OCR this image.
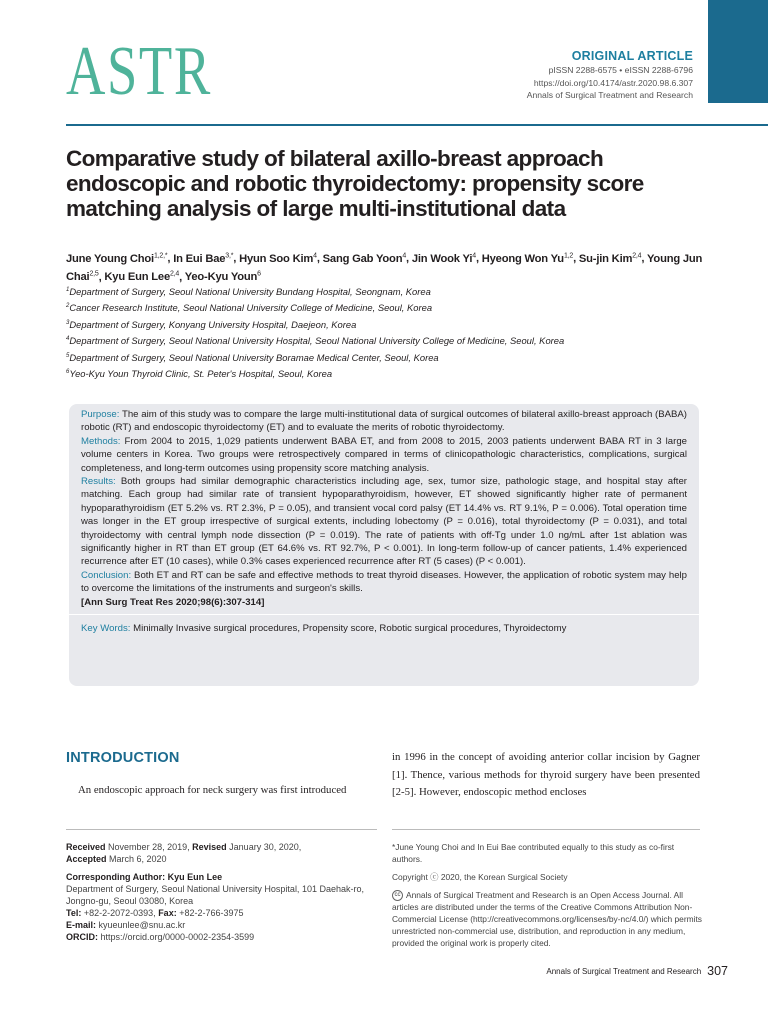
ASTR	ORIGINAL ARTICLE
pISSN 2288-6575 • eISSN 2288-6796
https://doi.org/10.4174/astr.2020.98.6.307
Annals of Surgical Treatment and Research
Comparative study of bilateral axillo-breast approach endoscopic and robotic thyroidectomy: propensity score matching analysis of large multi-institutional data
June Young Choi$^{1,2,*}$, In Eui Bae$^{3,*}$, Hyun Soo Kim$^4$, Sang Gab Yoon$^4$, Jin Wook Yi$^4$, Hyeong Won Yu$^{1,2}$, Su-jin Kim$^{2,4}$, Young Jun Chai$^{2,5}$, Kyu Eun Lee$^{2,4}$, Yeo-Kyu Youn$^6$
$^1$Department of Surgery, Seoul National University Bundang Hospital, Seongnam, Korea
$^2$Cancer Research Institute, Seoul National University College of Medicine, Seoul, Korea
$^3$Department of Surgery, Konyang University Hospital, Daejeon, Korea
$^4$Department of Surgery, Seoul National University Hospital, Seoul National University College of Medicine, Seoul, Korea
$^5$Department of Surgery, Seoul National University Boramae Medical Center, Seoul, Korea
$^6$Yeo-Kyu Youn Thyroid Clinic, St. Peter's Hospital, Seoul, Korea

Purpose: The aim of this study was to compare the large multi-institutional data of surgical outcomes of bilateral axillo-breast approach (BABA) robotic (RT) and endoscopic thyroidectomy (ET) and to evaluate the merits of robotic thyroidectomy.

Methods: From 2004 to 2015, 1,029 patients underwent BABA ET, and from 2008 to 2015, 2003 patients underwent BABA RT in 3 large volume centers in Korea. Two groups were retrospectively compared in terms of clinicopathologic characteristics, complications, surgical completeness, and long-term outcomes using propensity score matching analysis.

Results: Both groups had similar demographic characteristics including age, sex, tumor size, pathologic stage, and hospital stay after matching. Each group had similar rate of transient hypoparathyroidism, however, ET showed significantly higher rate of permanent hypoparathyroidism (ET 5.2% vs. RT 2.3%, P = 0.05), and transient vocal cord palsy (ET 14.4% vs. RT 9.1%, P = 0.006). Total operation time was longer in the ET group irrespective of surgical extents, including lobectomy (P = 0.016), total thyroidectomy (P = 0.031), and total thyroidectomy with central lymph node dissection (P = 0.019). The rate of patients with off-Tg under 1.0 ng/mL after 1st ablation was significantly higher in RT than ET group (ET 64.6% vs. RT 92.7%, P < 0.001). In long-term follow-up of cancer patients, 1.4% experienced recurrence after ET (10 cases), while 0.3% cases experienced recurrence after RT (5 cases) (P < 0.001).

Conclusion: Both ET and RT can be safe and effective methods to treat thyroid diseases. However, the application of robotic system may help to overcome the limitations of the instruments and surgeon's skills.

[Ann Surg Treat Res 2020;98(6):307-314]

Key Words: Minimally Invasive surgical procedures, Propensity score, Robotic surgical procedures, Thyroidectomy
INTRODUCTION
An endoscopic approach for neck surgery was first introduced
in 1996 in the concept of avoiding anterior collar incision by Gagner [1]. Thence, various methods for thyroid surgery have been presented [2-5]. However, endoscopic method encloses
Received November 28, 2019, Revised January 30, 2020,
Accepted March 6, 2020
Corresponding Author: Kyu Eun Lee
Department of Surgery, Seoul National University Hospital, 101 Daehak-ro, Jongno-gu, Seoul 03080, Korea
Tel: +82-2-2072-0393, Fax: +82-2-766-3975
E-mail: kyueunlee@snu.ac.kr
ORCID: https://orcid.org/0000-0002-2354-3599
*June Young Choi and In Eui Bae contributed equally to this study as co-first authors.
Copyright ⓒ 2020, the Korean Surgical Society
cc Annals of Surgical Treatment and Research is an Open Access Journal. All articles are distributed under the terms of the Creative Commons Attribution Non-Commercial License (http://creativecommons.org/licenses/by-nc/4.0/) which permits unrestricted non-commercial use, distribution, and reproduction in any medium, provided the original work is properly cited.
Annals of Surgical Treatment and Research 307
